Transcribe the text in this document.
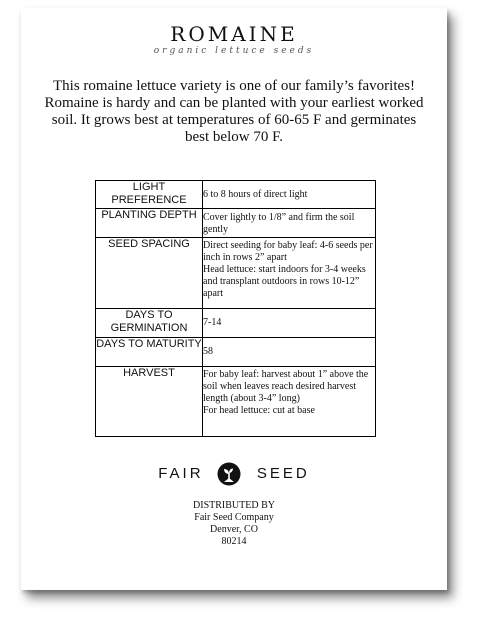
ROMAINE
organic lettuce seeds
This romaine lettuce variety is one of our family’s favorites! Romaine is hardy and can be planted with your earliest worked soil. It grows best at temperatures of 60-65 F and germinates best below 70 F.
LIGHT PREFERENCE	6 to 8 hours of direct light
PLANTING DEPTH	Cover lightly to 1/8” and firm the soil gently
SEED SPACING	Direct seeding for baby leaf: 4-6 seeds per inch in rows 2” apart
Head lettuce: start indoors for 3-4 weeks and transplant outdoors in rows 10-12” apart

DAYS TO GERMINATION	7-14
DAYS TO MATURITY	58
HARVEST	For baby leaf: harvest about 1” above the soil when leaves reach desired harvest length (about 3-4” long)
For head lettuce: cut at base
FAIR	SEED
DISTRIBUTED BY
Fair Seed Company
Denver, CO
80214
